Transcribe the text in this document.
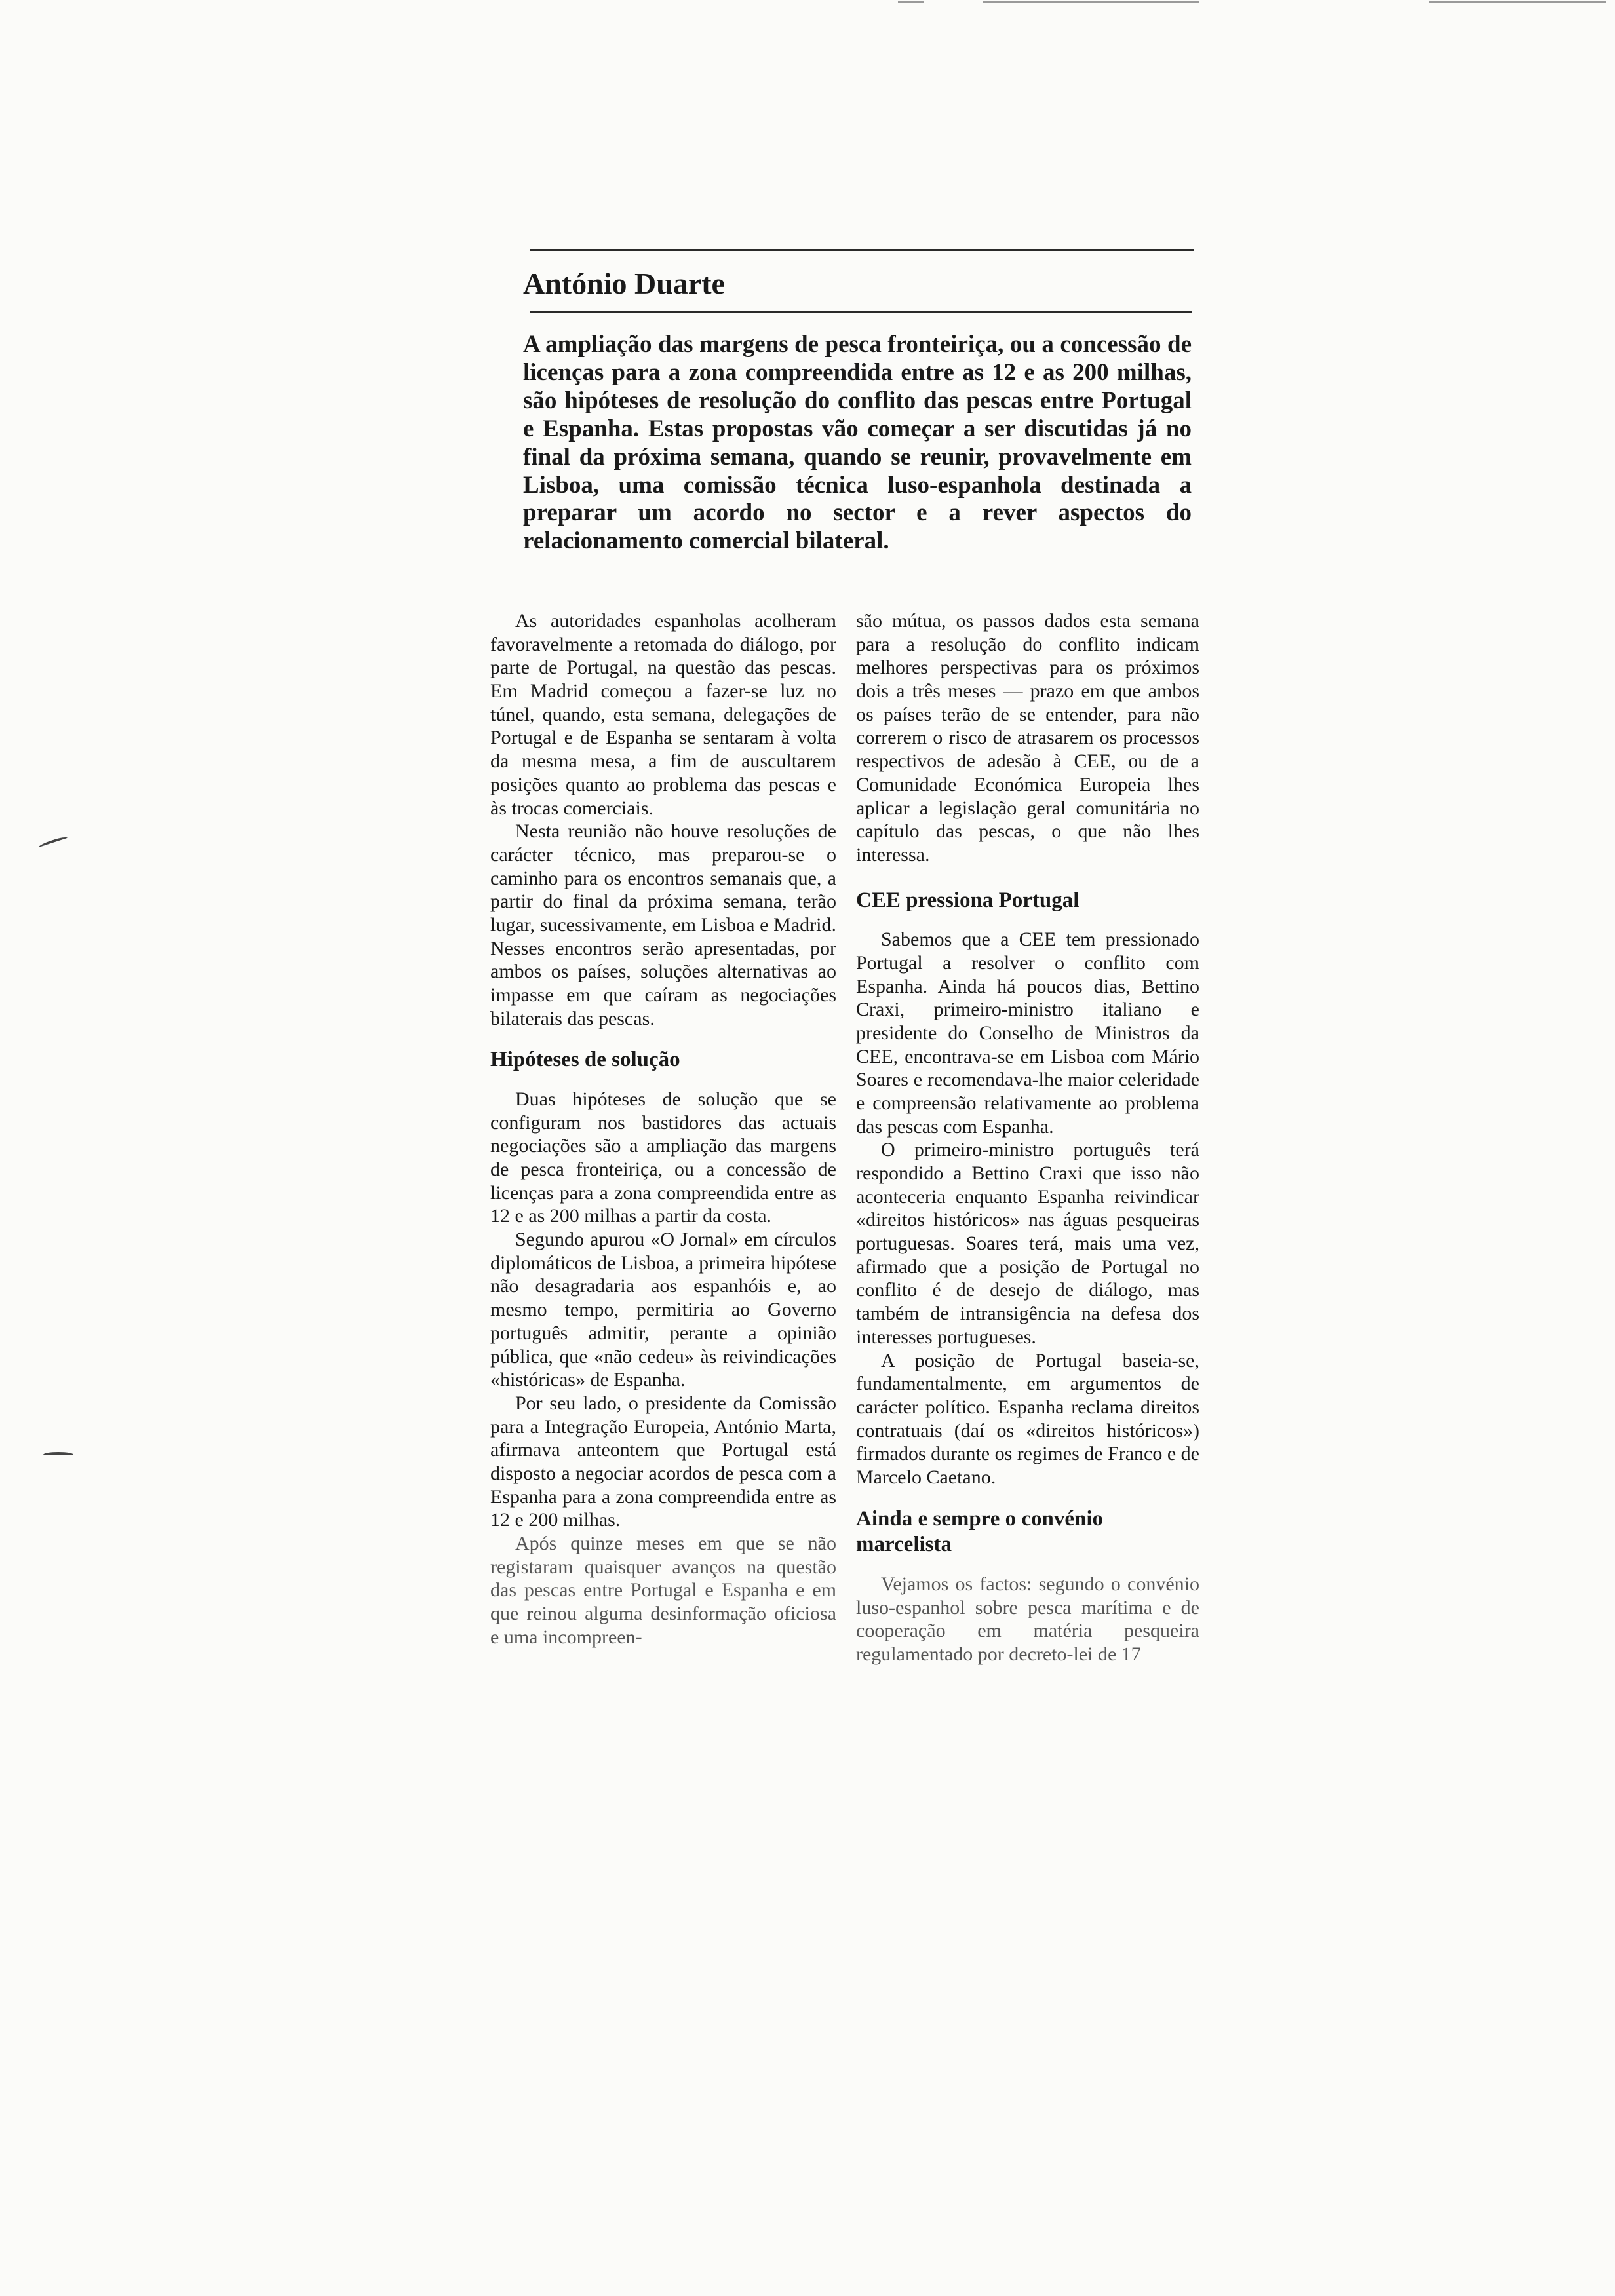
António Duarte

A ampliação das margens de pesca fronteiriça, ou a concessão de licenças para a zona compreendida entre as 12 e as 200 milhas, são hipóteses de resolução do conflito das pescas entre Portugal e Espanha. Estas propostas vão começar a ser discutidas já no final da próxima semana, quando se reunir, provavelmente em Lisboa, uma comissão técnica luso-espanhola destinada a preparar um acordo no sector e a rever aspectos do relacionamento comercial bilateral.

As autoridades espanholas acolheram favoravelmente a retomada do diálogo, por parte de Portugal, na questão das pescas. Em Madrid começou a fazer-se luz no túnel, quando, esta semana, delegações de Portugal e de Espanha se sentaram à volta da mesma mesa, a fim de auscultarem posições quanto ao problema das pescas e às trocas comerciais.

Nesta reunião não houve resoluções de carácter técnico, mas preparou-se o caminho para os encontros semanais que, a partir do final da próxima semana, terão lugar, sucessivamente, em Lisboa e Madrid. Nesses encontros serão apresentadas, por ambos os países, soluções alternativas ao impasse em que caíram as negociações bilaterais das pescas.

Hipóteses de solução

Duas hipóteses de solução que se configuram nos bastidores das actuais negociações são a ampliação das margens de pesca fronteiriça, ou a concessão de licenças para a zona compreendida entre as 12 e as 200 milhas a partir da costa.

Segundo apurou «O Jornal» em círculos diplomáticos de Lisboa, a primeira hipótese não desagradaria aos espanhóis e, ao mesmo tempo, permitiria ao Governo português admitir, perante a opinião pública, que «não cedeu» às reivindicações «históricas» de Espanha.

Por seu lado, o presidente da Comissão para a Integração Europeia, António Marta, afirmava anteontem que Portugal está disposto a negociar acordos de pesca com a Espanha para a zona compreendida entre as 12 e 200 milhas.

Após quinze meses em que se não registaram quaisquer avanços na questão das pescas entre Portugal e Espanha e em que reinou alguma desinformação oficiosa e uma incompreen-

são mútua, os passos dados esta semana para a resolução do conflito indicam melhores perspectivas para os próximos dois a três meses — prazo em que ambos os países terão de se entender, para não correrem o risco de atrasarem os processos respectivos de adesão à CEE, ou de a Comunidade Económica Europeia lhes aplicar a legislação geral comunitária no capítulo das pescas, o que não lhes interessa.

CEE pressiona Portugal

Sabemos que a CEE tem pressionado Portugal a resolver o conflito com Espanha. Ainda há poucos dias, Bettino Craxi, primeiro-ministro italiano e presidente do Conselho de Ministros da CEE, encontrava-se em Lisboa com Mário Soares e recomendava-lhe maior celeridade e compreensão relativamente ao problema das pescas com Espanha.

O primeiro-ministro português terá respondido a Bettino Craxi que isso não aconteceria enquanto Espanha reivindicar «direitos históricos» nas águas pesqueiras portuguesas. Soares terá, mais uma vez, afirmado que a posição de Portugal no conflito é de desejo de diálogo, mas também de intransigência na defesa dos interesses portugueses.

A posição de Portugal baseia-se, fundamentalmente, em argumentos de carácter político. Espanha reclama direitos contratuais (daí os «direitos históricos») firmados durante os regimes de Franco e de Marcelo Caetano.

Ainda e sempre o convénio marcelista

Vejamos os factos: segundo o convénio luso-espanhol sobre pesca marítima e de cooperação em matéria pesqueira regulamentado por decreto-lei de 17
